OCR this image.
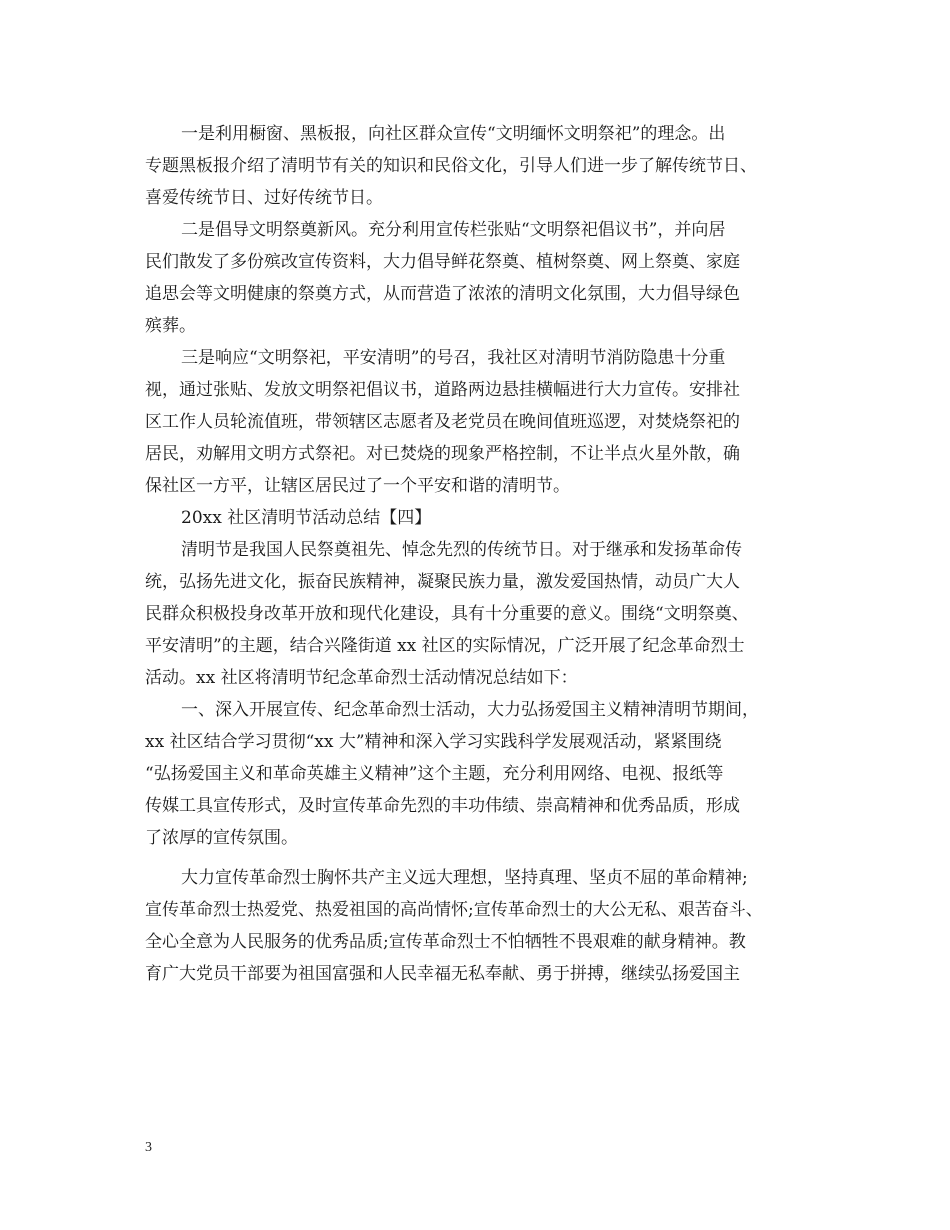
一是利用橱窗、黑板报，向社区群众宣传“文明缅怀文明祭祀”的理念。出
专题黑板报介绍了清明节有关的知识和民俗文化，引导人们进一步了解传统节日、
喜爱传统节日、过好传统节日。

二是倡导文明祭奠新风。充分利用宣传栏张贴“文明祭祀倡议书”，并向居
民们散发了多份殡改宣传资料，大力倡导鲜花祭奠、植树祭奠、网上祭奠、家庭
追思会等文明健康的祭奠方式，从而营造了浓浓的清明文化氛围，大力倡导绿色
殡葬。

三是响应“文明祭祀，平安清明”的号召，我社区对清明节消防隐患十分重
视，通过张贴、发放文明祭祀倡议书，道路两边悬挂横幅进行大力宣传。安排社
区工作人员轮流值班，带领辖区志愿者及老党员在晚间值班巡逻，对焚烧祭祀的
居民，劝解用文明方式祭祀。对已焚烧的现象严格控制，不让半点火星外散，确
保社区一方平，让辖区居民过了一个平安和谐的清明节。

20xx 社区清明节活动总结【四】

清明节是我国人民祭奠祖先、悼念先烈的传统节日。对于继承和发扬革命传
统，弘扬先进文化，振奋民族精神，凝聚民族力量，激发爱国热情，动员广大人
民群众积极投身改革开放和现代化建设，具有十分重要的意义。围绕“文明祭奠、
平安清明”的主题，结合兴隆街道 xx 社区的实际情况，广泛开展了纪念革命烈士
活动。xx 社区将清明节纪念革命烈士活动情况总结如下：

一、深入开展宣传、纪念革命烈士活动，大力弘扬爱国主义精神清明节期间，
xx 社区结合学习贯彻“xx 大”精神和深入学习实践科学发展观活动，紧紧围绕
“弘扬爱国主义和革命英雄主义精神”这个主题，充分利用网络、电视、报纸等
传媒工具宣传形式，及时宣传革命先烈的丰功伟绩、崇高精神和优秀品质，形成
了浓厚的宣传氛围。

大力宣传革命烈士胸怀共产主义远大理想，坚持真理、坚贞不屈的革命精神;
宣传革命烈士热爱党、热爱祖国的高尚情怀;宣传革命烈士的大公无私、艰苦奋斗、
全心全意为人民服务的优秀品质;宣传革命烈士不怕牺牲不畏艰难的献身精神。教
育广大党员干部要为祖国富强和人民幸福无私奉献、勇于拼搏，继续弘扬爱国主

3
